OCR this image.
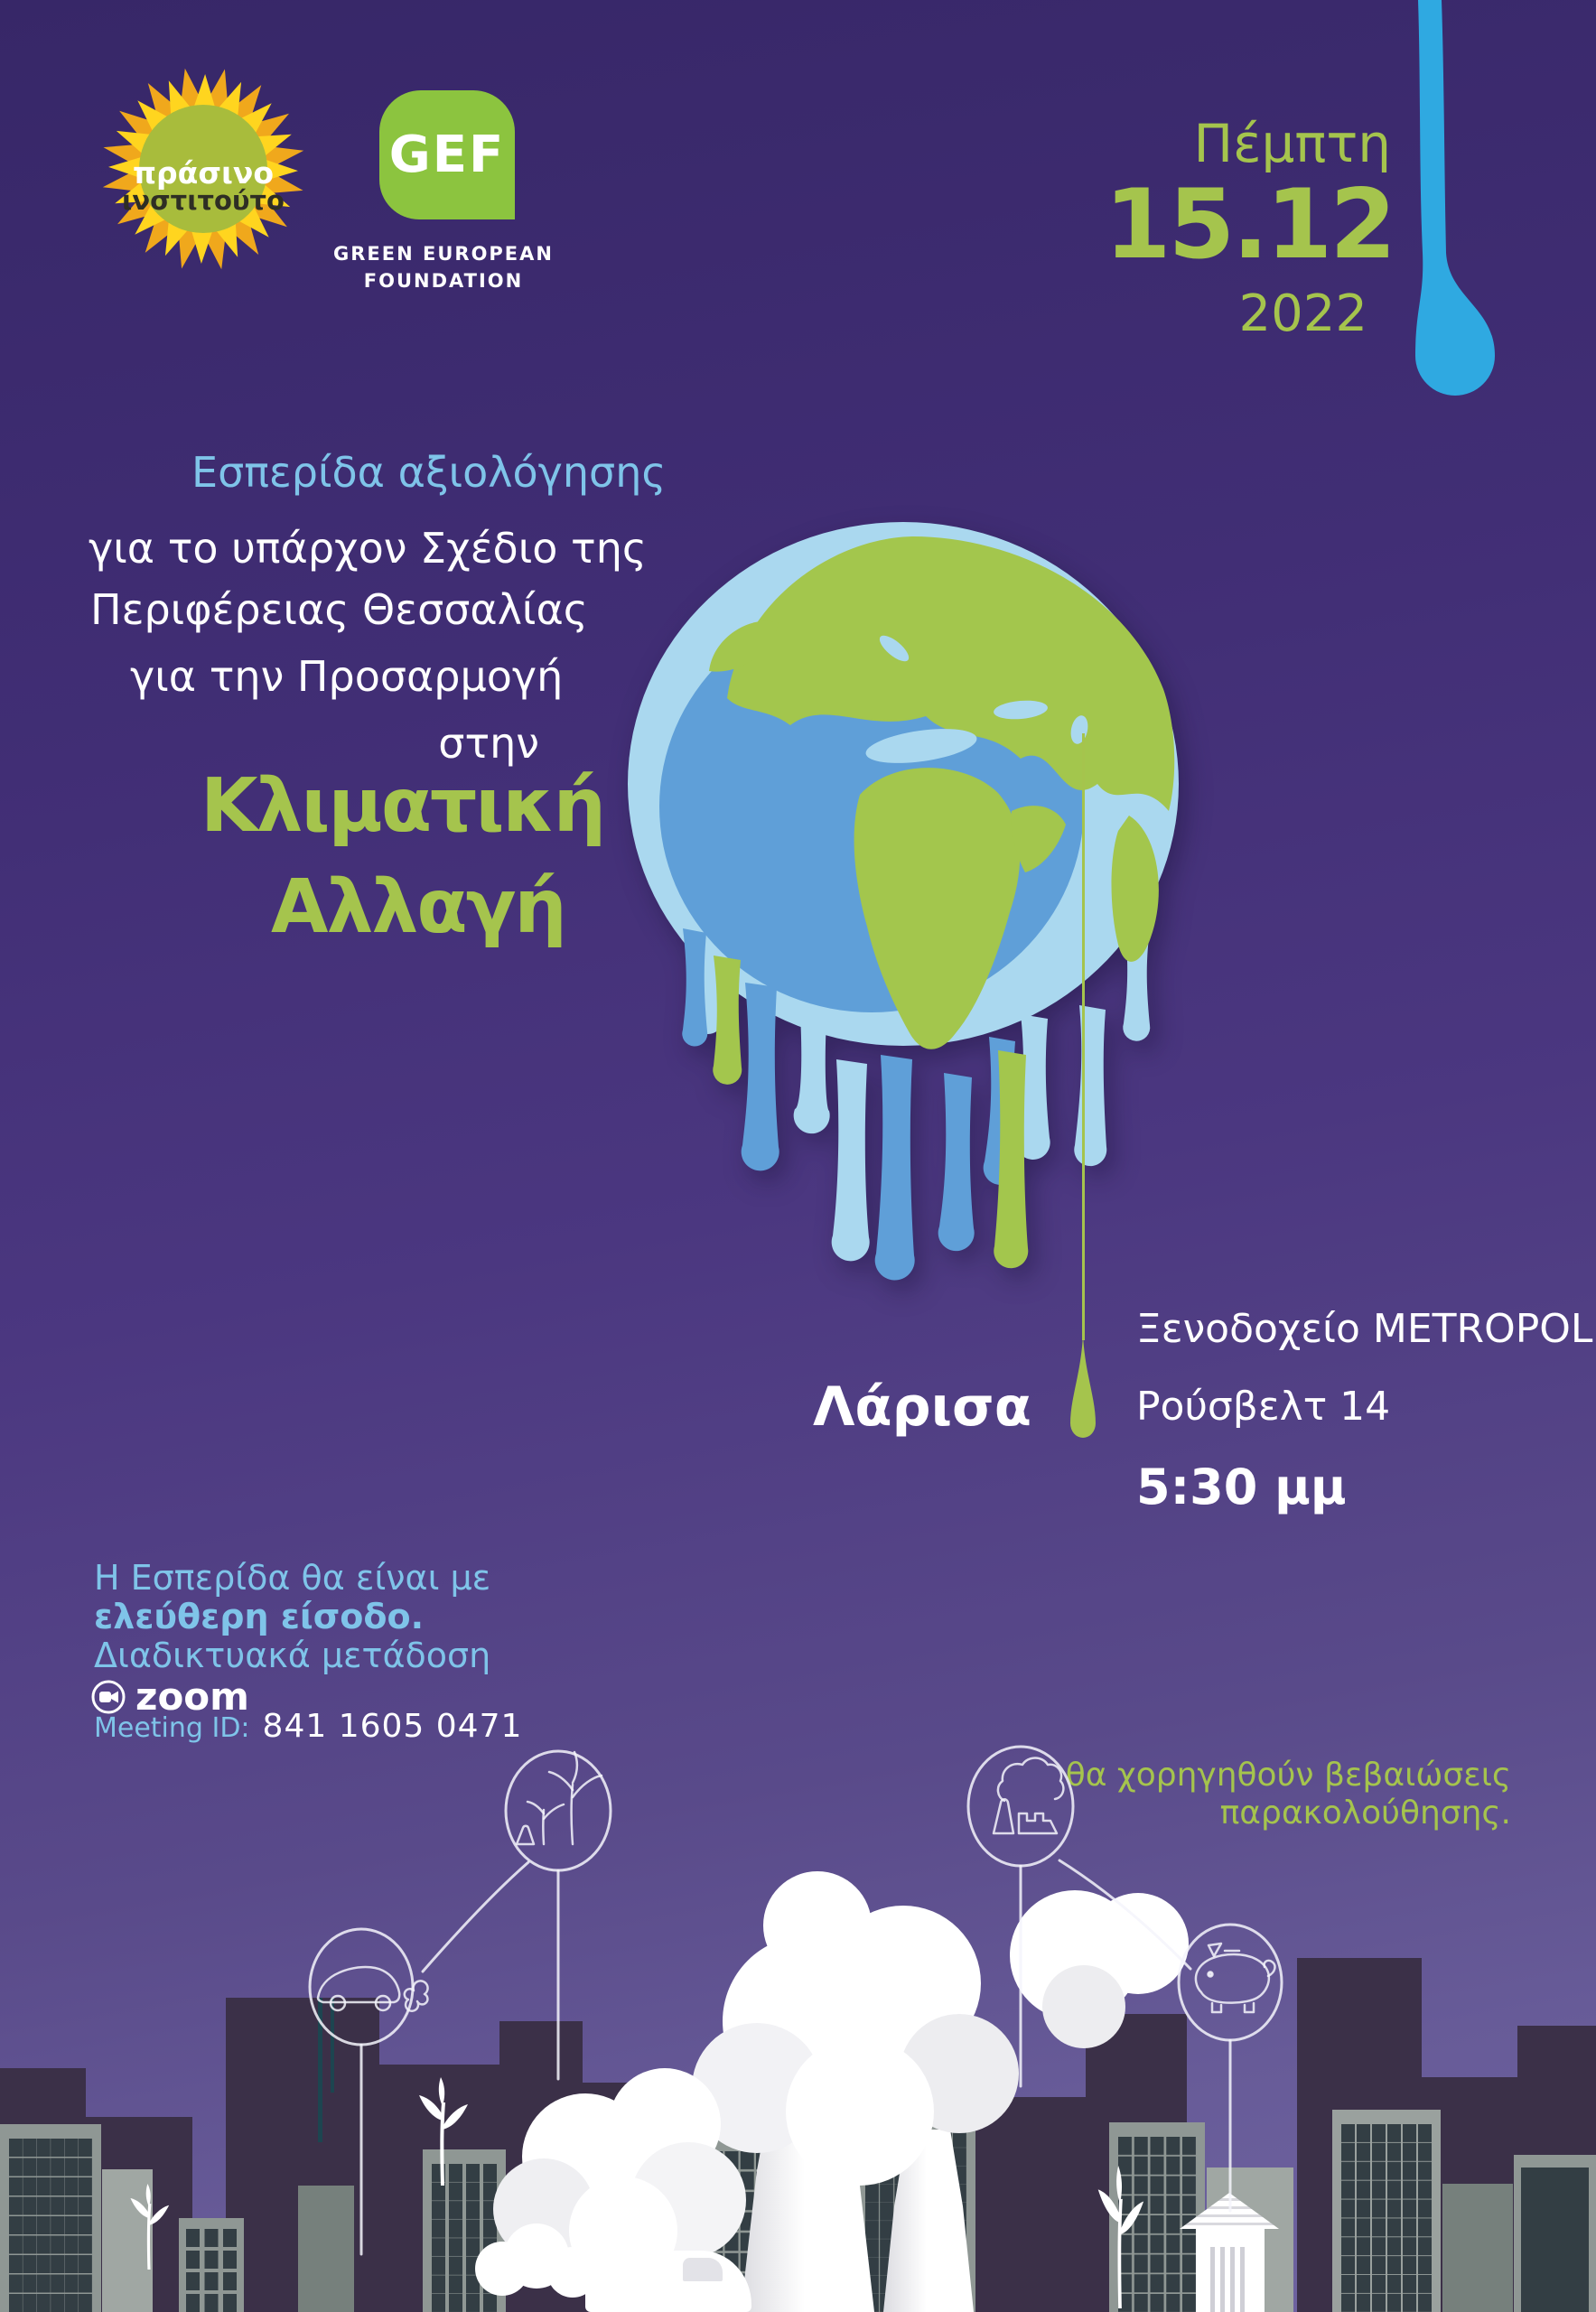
πράσινο
ινστιτούτο
GEF
GREEN EUROPEAN
FOUNDATION
Πέμπτη
15.12
2022
Εσπερίδα αξιολόγησης
για το υπάρχον Σχέδιο της
Περιφέρειας Θεσσαλίας
για την Προσαρμογή
στην
Κλιματική
Αλλαγή
Λάρισα
Ξενοδοχείο METROPOL
Ρούσβελτ 14
5:30 μμ
Η Εσπερίδα θα είναι με
ελεύθερη είσοδο.
Διαδικτυακά μετάδοση
zoom
Meeting ID: 841 1605 0471
θα χορηγηθούν βεβαιώσεις
παρακολούθησης.
